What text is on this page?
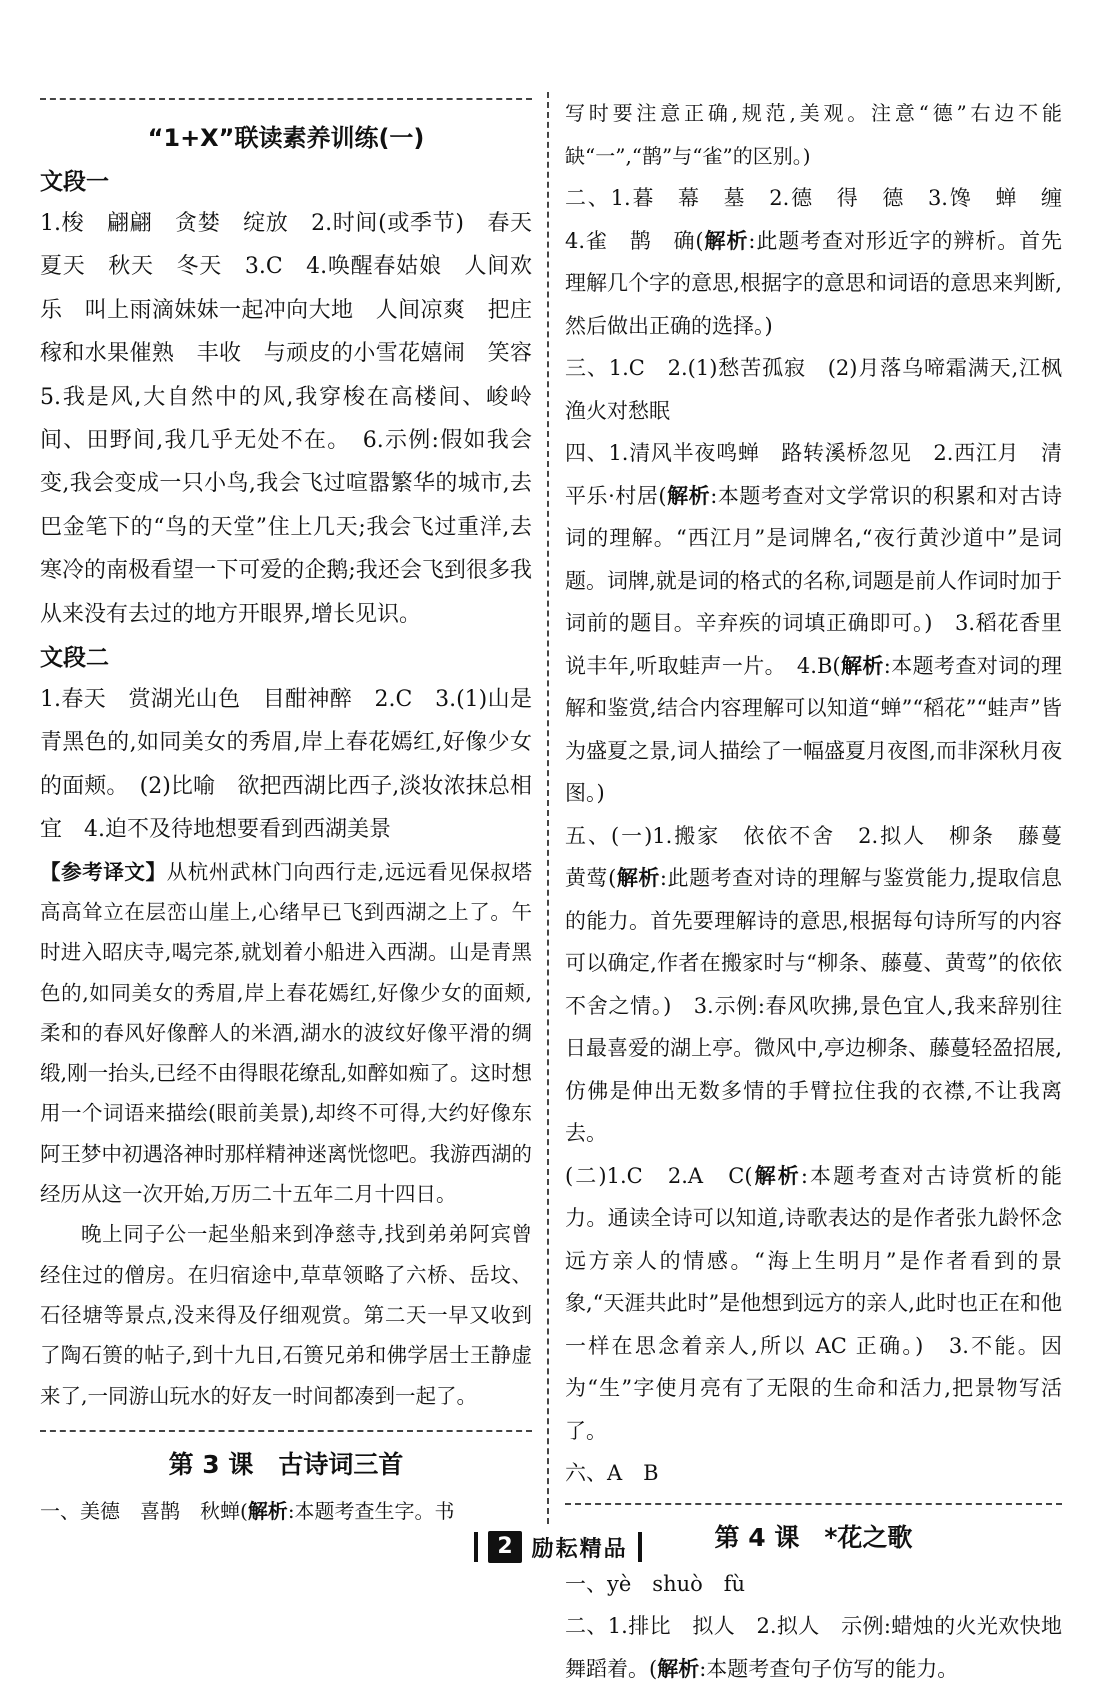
“1+X”联读素养训练(一)
文段一

1.梭　翩翩　贪婪　绽放　2.时间(或季节)　春天　夏天　秋天　冬天　3.C　4.唤醒春姑娘　人间欢乐　叫上雨滴妹妹一起冲向大地　人间凉爽　把庄稼和水果催熟　丰收　与顽皮的小雪花嬉闹　笑容　5.我是风,大自然中的风,我穿梭在高楼间、峻岭间、田野间,我几乎无处不在。　6.示例:假如我会变,我会变成一只小鸟,我会飞过喧嚣繁华的城市,去巴金笔下的“鸟的天堂”住上几天;我会飞过重洋,去寒冷的南极看望一下可爱的企鹅;我还会飞到很多我从来没有去过的地方开眼界,增长见识。

文段二

1.春天　赏湖光山色　目酣神醉　2.C　3.(1)山是青黑色的,如同美女的秀眉,岸上春花嫣红,好像少女的面颊。　(2)比喻　欲把西湖比西子,淡妆浓抹总相宜　4.迫不及待地想要看到西湖美景

【参考译文】从杭州武林门向西行走,远远看见保叔塔高高耸立在层峦山崖上,心绪早已飞到西湖之上了。午时进入昭庆寺,喝完茶,就划着小船进入西湖。山是青黑色的,如同美女的秀眉,岸上春花嫣红,好像少女的面颊,柔和的春风好像醉人的米酒,湖水的波纹好像平滑的绸缎,刚一抬头,已经不由得眼花缭乱,如醉如痴了。这时想用一个词语来描绘(眼前美景),却终不可得,大约好像东阿王梦中初遇洛神时那样精神迷离恍惚吧。我游西湖的经历从这一次开始,万历二十五年二月十四日。

晚上同子公一起坐船来到净慈寺,找到弟弟阿宾曾经住过的僧房。在归宿途中,草草领略了六桥、岳坟、石径塘等景点,没来得及仔细观赏。第二天一早又收到了陶石篑的帖子,到十九日,石篑兄弟和佛学居士王静虚来了,一同游山玩水的好友一时间都凑到一起了。

第 3 课　古诗词三首

一、美德　喜鹊　秋蝉(解析:本题考查生字。书

写时要注意正确,规范,美观。注意“德”右边不能缺“一”,“鹊”与“雀”的区别。)

二、1.暮　幕　墓　2.德　得　德　3.馋　蝉　缠　4.雀　鹊　确(解析:此题考查对形近字的辨析。首先理解几个字的意思,根据字的意思和词语的意思来判断,然后做出正确的选择。)

三、1.C　2.(1)愁苦孤寂　(2)月落乌啼霜满天,江枫渔火对愁眠

四、1.清风半夜鸣蝉　路转溪桥忽见　2.西江月　清平乐·村居(解析:本题考查对文学常识的积累和对古诗词的理解。“西江月”是词牌名,“夜行黄沙道中”是词题。词牌,就是词的格式的名称,词题是前人作词时加于词前的题目。辛弃疾的词填正确即可。)　3.稻花香里说丰年,听取蛙声一片。　4.B(解析:本题考查对词的理解和鉴赏,结合内容理解可以知道“蝉”“稻花”“蛙声”皆为盛夏之景,词人描绘了一幅盛夏月夜图,而非深秋月夜图。)

五、(一)1.搬家　依依不舍　2.拟人　柳条　藤蔓　黄莺(解析:此题考查对诗的理解与鉴赏能力,提取信息的能力。首先要理解诗的意思,根据每句诗所写的内容可以确定,作者在搬家时与“柳条、藤蔓、黄莺”的依依不舍之情。)　3.示例:春风吹拂,景色宜人,我来辞别往日最喜爱的湖上亭。微风中,亭边柳条、藤蔓轻盈招展,仿佛是伸出无数多情的手臂拉住我的衣襟,不让我离去。

(二)1.C　2.A　C(解析:本题考查对古诗赏析的能力。通读全诗可以知道,诗歌表达的是作者张九龄怀念远方亲人的情感。“海上生明月”是作者看到的景象,“天涯共此时”是他想到远方的亲人,此时也正在和他一样在思念着亲人,所以 AC 正确。)　3.不能。因为“生”字使月亮有了无限的生命和活力,把景物写活了。

六、A　B

第 4 课　*花之歌

一、yè　shuò　fù

二、1.排比　拟人　2.拟人　示例:蜡烛的火光欢快地舞蹈着。(解析:本题考查句子仿写的能力。

2 励耘精品
